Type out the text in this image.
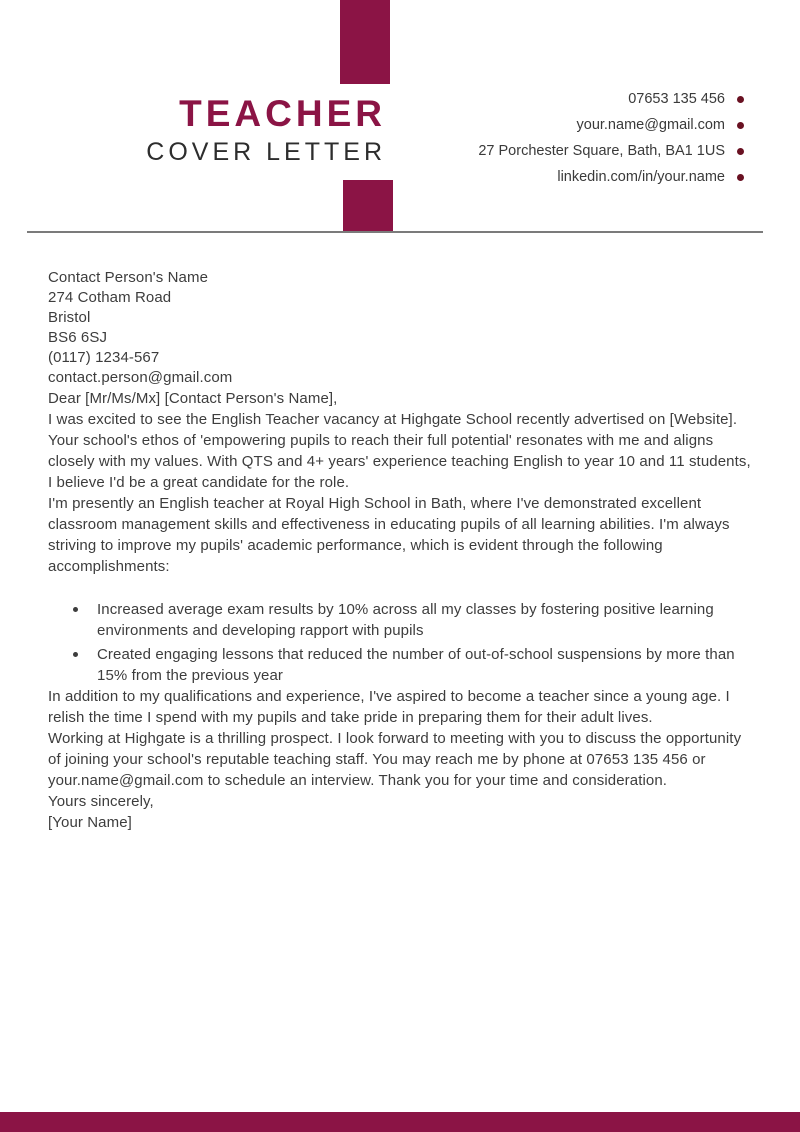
TEACHER
COVER LETTER
07653 135 456
your.name@gmail.com
27 Porchester Square, Bath, BA1 1US
linkedin.com/in/your.name
Contact Person's Name
274 Cotham Road
Bristol
BS6 6SJ
(0117) 1234-567
contact.person@gmail.com

Dear [Mr/Ms/Mx] [Contact Person's Name],

I was excited to see the English Teacher vacancy at Highgate School recently advertised on [Website]. Your school's ethos of 'empowering pupils to reach their full potential' resonates with me and aligns closely with my values. With QTS and 4+ years' experience teaching English to year 10 and 11 students, I believe I'd be a great candidate for the role.

I'm presently an English teacher at Royal High School in Bath, where I've demonstrated excellent classroom management skills and effectiveness in educating pupils of all learning abilities. I'm always striving to improve my pupils' academic performance, which is evident through the following accomplishments:

Increased average exam results by 10% across all my classes by fostering positive learning environments and developing rapport with pupils
Created engaging lessons that reduced the number of out-of-school suspensions by more than 15% from the previous year

In addition to my qualifications and experience, I've aspired to become a teacher since a young age. I relish the time I spend with my pupils and take pride in preparing them for their adult lives.

Working at Highgate is a thrilling prospect. I look forward to meeting with you to discuss the opportunity of joining your school's reputable teaching staff. You may reach me by phone at 07653 135 456 or your.name@gmail.com to schedule an interview. Thank you for your time and consideration.

Yours sincerely,

[Your Name]
